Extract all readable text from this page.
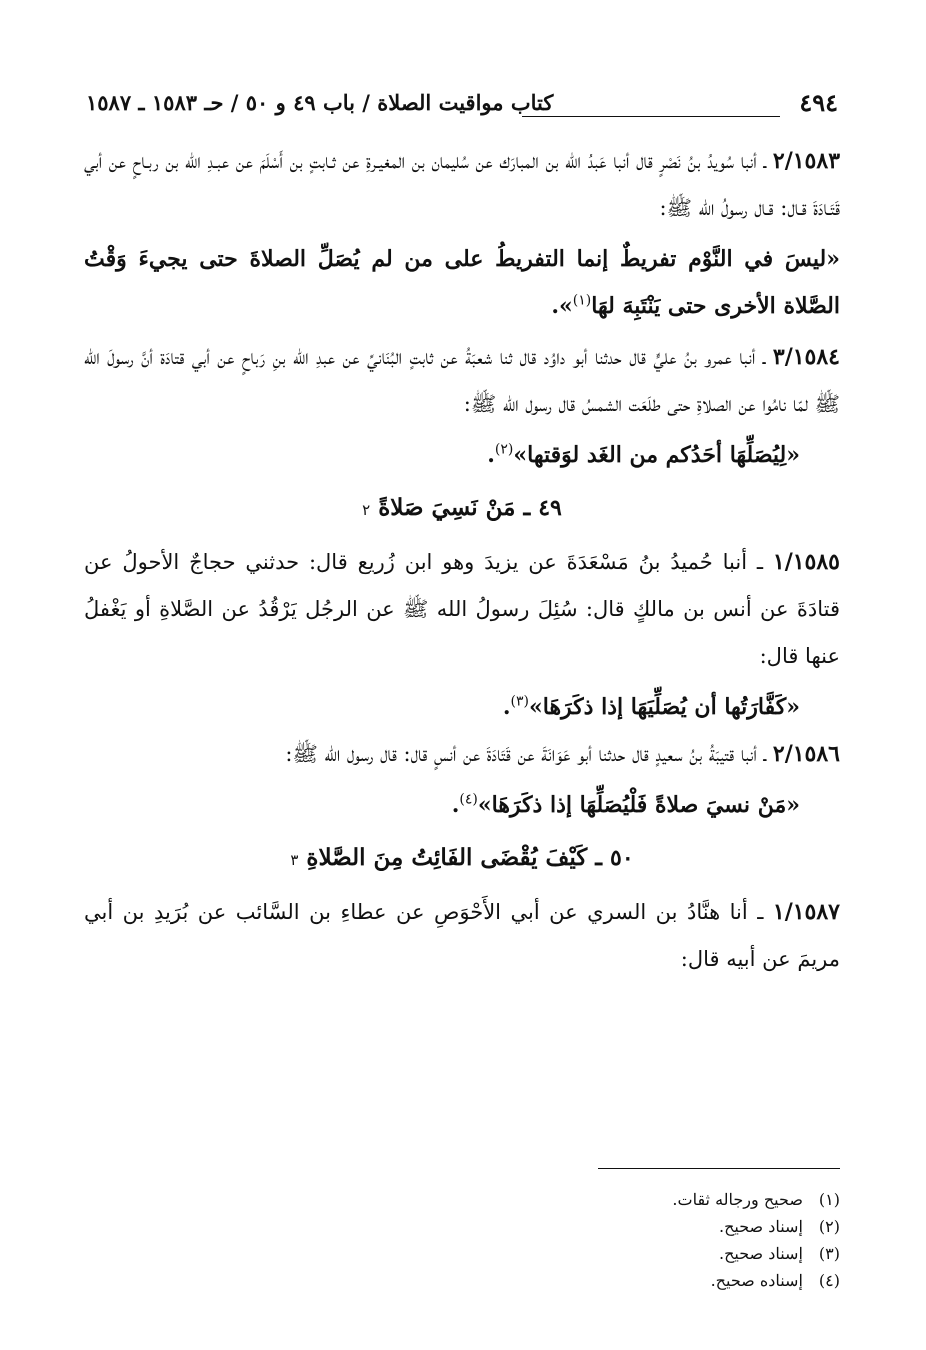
٤٩٤
كتاب مواقيت الصلاة / باب ٤٩ و ٥٠ / حـ ١٥٨٣ ـ ١٥٨٧

٢/١٥٨٣ ـ أنبا سُويدُ بنُ نَصْرٍ قال أنبا عَبدُ الله بن المبارَك عن سُليمان بن المغيـرةِ عن ثـابتٍ بن أَسْلَمَ عن عبـدِ الله بن ربـاحٍ عن أبي قَتَـادَةَ قـال: قـال رسولُ الله ﷺ:

«ليسَ في النَّوْم تفريطٌ إنما التفريطُ على من لم يُصَلِّ الصلاةَ حتى يجيءَ وَقْتُ الصَّلاة الأخرى حتى يَنْتَبِهَ لهَا$^{(١)}$».

٣/١٥٨٤ ـ أنبا عمرو بنُ عليٍّ قال حدثنا أبو داوُد قال ثنا شعبَةُ عن ثابتٍ البُنَانيِّ عن عبدِ الله بنِ رَباحٍ عن أبي قتادَة أنَّ رسولَ الله ﷺ لمّا نامُوا عن الصلاةِ حتى طلَعَت الشمسُ قال رسول الله ﷺ:

«لِيُصَلِّهَا أحَدُكم من الغَد لوَقتها»$^{(٢)}$.

٤٩ ـ مَنْ نَسِيَ صَلاةً ٢

١/١٥٨٥ ـ أنبا حُميدُ بنُ مَسْعَدَةَ عن يزيدَ وهو ابن زُريع قال: حدثني حجاجٌ الأحولُ عن قتادَةَ عن أنس بن مالكٍ قال: سُئِلَ رسولُ الله ﷺ عن الرجُل يَرْقُدُ عن الصَّلاةِ أو يَغْفلُ عنها قال:

«كَفَّارَتُها أن يُصَلِّيَهَا إذا ذكَرَهَا»$^{(٣)}$.

٢/١٥٨٦ ـ أنبا قتيبَةُ بنُ سعيدٍ قال حدثنا أبو عَوَانَةَ عن قَتَادَةَ عن أنسٍ قال: قال رسول الله ﷺ:

«مَنْ نسيَ صلاةً فَلْيُصَلِّهَا إذا ذكَرَهَا»$^{(٤)}$.

٥٠ ـ كَيْفَ يُقْضَى الفَائِتُ مِنَ الصَّلاةِ ٣

١/١٥٨٧ ـ أنا هنَّادُ بن السري عن أبي الأَحْوَصِ عن عطاءِ بن السَّائب عن بُرَيدِ بن أبي مريمَ عن أبيه قال:

(١) صحيح ورجاله ثقات.
(٢) إسناد صحيح.
(٣) إسناد صحيح.
(٤) إسناده صحيح.
